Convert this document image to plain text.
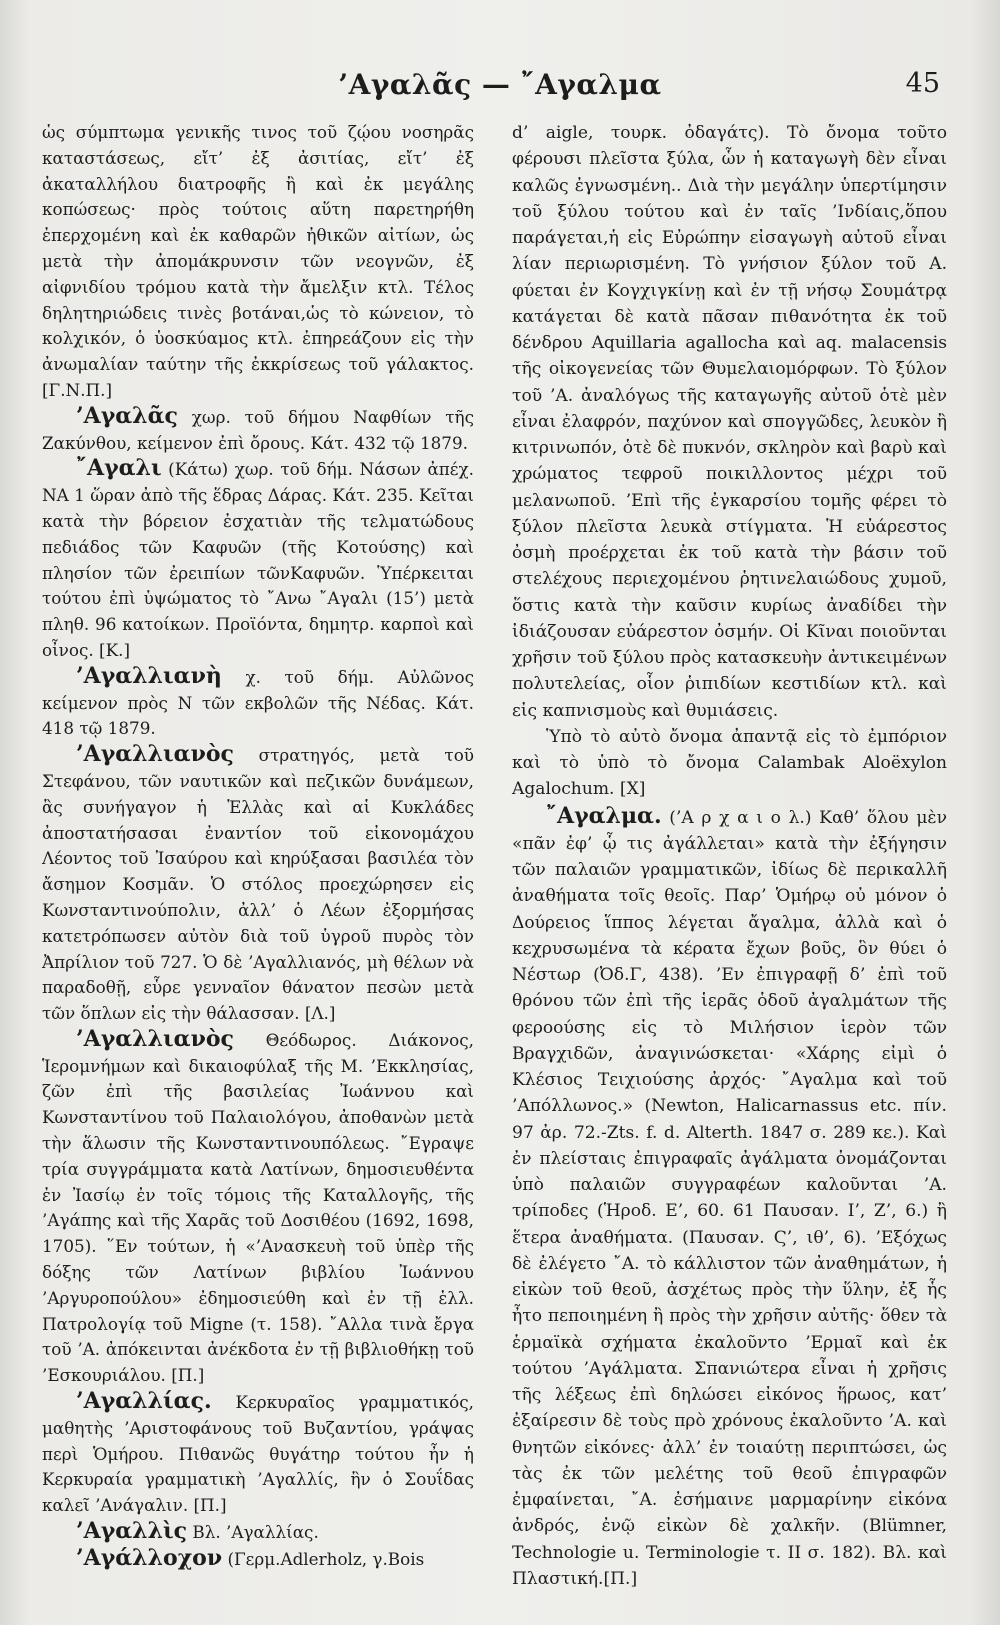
’Αγαλᾶς — ῎Αγαλμα	45

ὡς σύμπτωμα γενικῆς τινος τοῦ ζῴου νοσηρᾶς καταστάσεως, εἴτ’ ἐξ ἀσιτίας, εἴτ’ ἐξ ἀκαταλλήλου διατροφῆς ἢ καὶ ἐκ μεγάλης κοπώσεως· πρὸς τούτοις αὕτη παρετηρήθη ἐπερχομένη καὶ ἐκ καθαρῶν ἠθικῶν αἰτίων, ὡς μετὰ τὴν ἀπομάκρυνσιν τῶν νεογνῶν, ἐξ αἰφνιδίου τρόμου κατὰ τὴν ἄμελξιν κτλ. Τέλος δηλητηριώδεις τινὲς βοτάναι,ὡς τὸ κώνειον, τὸ κολχικόν, ὁ ὑοσκύαμος κτλ. ἐπηρεάζουν εἰς τὴν ἀνωμαλίαν ταύτην τῆς ἐκκρίσεως τοῦ γάλακτος. [Γ.Ν.Π.]

’Αγαλᾶς χωρ. τοῦ δήμου Ναφθίων τῆς Ζακύνθου, κείμενον ἐπὶ ὄρους. Κάτ. 432 τῷ 1879.

῎Αγαλι (Κάτω) χωρ. τοῦ δήμ. Νάσων ἀπέχ. ΝΑ 1 ὥραν ἀπὸ τῆς ἕδρας Δάρας. Κάτ. 235. Κεῖται κατὰ τὴν βόρειον ἐσχατιὰν τῆς τελματώδους πεδιάδος τῶν Καφυῶν (τῆς Κοτούσης) καὶ πλησίον τῶν ἐρειπίων τῶνΚαφυῶν. Ὑπέρκειται τούτου ἐπὶ ὑψώματος τὸ ῎Ανω ῎Αγαλι (15’) μετὰ πληθ. 96 κατοίκων. Προϊόντα, δημητρ. καρποὶ καὶ οἶνος. [Κ.]

’Αγαλλιανὴ χ. τοῦ δήμ. Αὐλῶνος κείμενον πρὸς Ν τῶν εκβολῶν τῆς Νέδας. Κάτ. 418 τῷ 1879.

’Αγαλλιανὸς στρατηγός, μετὰ τοῦ Στεφάνου, τῶν ναυτικῶν καὶ πεζικῶν δυνάμεων, ἃς συνήγαγον ἡ Ἑλλὰς καὶ αἱ Κυκλάδες ἀποστατήσασαι ἐναντίον τοῦ εἰκονομάχου Λέοντος τοῦ Ἰσαύρου καὶ κηρύξασαι βασιλέα τὸν ἄσημον Κοσμᾶν. Ὁ στόλος προεχώρησεν εἰς Κωνσταντινούπολιν, ἀλλ’ ὁ Λέων ἐξορμήσας κατετρόπωσεν αὐτὸν διὰ τοῦ ὑγροῦ πυρὸς τὸν Ἀπρίλιον τοῦ 727. Ὁ δὲ ’Αγαλλιανός, μὴ θέλων νὰ παραδοθῇ, εὗρε γενναῖον θάνατον πεσὼν μετὰ τῶν ὅπλων εἰς τὴν θάλασσαν. [Λ.]

’Αγαλλιανὸς Θεόδωρος. Διάκονος, Ἱερομνήμων καὶ δικαιοφύλαξ τῆς Μ. ’Εκκλησίας, ζῶν ἐπὶ τῆς βασιλείας Ἰωάννου καὶ Κωνσταντίνου τοῦ Παλαιολόγου, ἀποθανὼν μετὰ τὴν ἅλωσιν τῆς Κωνσταντινουπόλεως. ῎Εγραψε τρία συγγράμματα κατὰ Λατίνων, δημοσιευθέντα ἐν Ἰασίῳ ἐν τοῖς τόμοις τῆς Καταλλογῆς, τῆς ’Αγάπης καὶ τῆς Χαρᾶς τοῦ Δοσιθέου (1692, 1698, 1705). ῞Εν τούτων, ἡ «’Ανασκευὴ τοῦ ὑπὲρ τῆς δόξης τῶν Λατίνων βιβλίου Ἰωάννου ’Αργυροπούλου» ἐδημοσιεύθη καὶ ἐν τῇ ἑλλ. Πατρολογίᾳ τοῦ Migne (τ. 158). ῎Αλλα τινὰ ἔργα τοῦ ’Α. ἀπόκεινται ἀνέκδοτα ἐν τῇ βιβλιοθήκῃ τοῦ ’Εσκουριάλου. [Π.]

’Αγαλλίας. Κερκυραῖος γραμματικός, μαθητὴς ’Αριστοφάνους τοῦ Βυζαντίου, γράψας περὶ Ὁμήρου. Πιθανῶς θυγάτηρ τούτου ἦν ἡ Κερκυραία γραμματικὴ ’Αγαλλίς, ἣν ὁ Σουΐδας καλεῖ ’Ανάγαλιν. [Π.]

’Αγαλλὶς Βλ. ’Αγαλλίας.

’Αγάλλοχον (Γερμ.Adlerholz, γ.Bois

d’ aigle, τουρκ. ὀδαγάτς). Τὸ ὄνομα τοῦτο φέρουσι πλεῖστα ξύλα, ὧν ἡ καταγωγὴ δὲν εἶναι καλῶς ἐγνωσμένη.. Διὰ τὴν μεγάλην ὑπερτίμησιν τοῦ ξύλου τούτου καὶ ἐν ταῖς ’Ινδίαις,ὅπου παράγεται,ἡ εἰς Εὐρώπην εἰσαγωγὴ αὐτοῦ εἶναι λίαν περιωρισμένη. Τὸ γνήσιον ξύλον τοῦ Α. φύεται ἐν Κογχιγκίνῃ καὶ ἐν τῇ νήσῳ Σουμάτρᾳ κατάγεται δὲ κατὰ πᾶσαν πιθανότητα ἐκ τοῦ δένδρου Aquillaria agallocha καὶ aq. malacensis τῆς οἰκογενείας τῶν Θυμελαιομόρφων. Τὸ ξύλον τοῦ ’Α. ἀναλόγως τῆς καταγωγῆς αὐτοῦ ὁτὲ μὲν εἶναι ἐλαφρόν, παχύνον καὶ σπογγῶδες, λευκὸν ἢ κιτρινωπόν, ὁτὲ δὲ πυκνόν, σκληρὸν καὶ βαρὺ καὶ χρώματος τεφροῦ ποικιλλοντος μέχρι τοῦ μελανωποῦ. ’Επὶ τῆς ἐγκαρσίου τομῆς φέρει τὸ ξύλον πλεῖστα λευκὰ στίγματα. Ἡ εὐάρεστος ὀσμὴ προέρχεται ἐκ τοῦ κατὰ τὴν βάσιν τοῦ στελέχους περιεχομένου ῥητινελαιώδους χυμοῦ, ὅστις κατὰ τὴν καῦσιν κυρίως ἀναδίδει τὴν ἰδιάζουσαν εὐάρεστον ὀσμήν. Οἱ Κῖναι ποιοῦνται χρῆσιν τοῦ ξύλου πρὸς κατασκευὴν ἀντικειμένων πολυτελείας, οἷον ῥιπιδίων κεστιδίων κτλ. καὶ εἰς καπνισμοὺς καὶ θυμιάσεις.

Ὑπὸ τὸ αὐτὸ ὄνομα ἀπαντᾷ εἰς τὸ ἐμπόριον καὶ τὸ ὑπὸ τὸ ὄνομα Calambak Aloëxylon Agalochum. [Χ]

῎Αγαλμα. (’Α ρ χ α ι ο λ.) Καθ’ ὅλου μὲν «πᾶν ἐφ’ ᾧ τις ἀγάλλεται» κατὰ τὴν ἐξήγησιν τῶν παλαιῶν γραμματικῶν, ἰδίως δὲ περικαλλῆ ἀναθήματα τοῖς θεοῖς. Παρ’ Ὁμήρῳ οὐ μόνον ὁ Δούρειος ἵππος λέγεται ἄγαλμα, ἀλλὰ καὶ ὁ κεχρυσωμένα τὰ κέρατα ἔχων βοῦς, ὃν θύει ὁ Νέστωρ (Ὀδ.Γ, 438). ’Εν ἐπιγραφῇ δ’ ἐπὶ τοῦ θρόνου τῶν ἐπὶ τῆς ἱερᾶς ὁδοῦ ἀγαλμάτων τῆς φεροούσης εἰς τὸ Μιλήσιον ἱερὸν τῶν Βραγχιδῶν, ἀναγινώσκεται· «Χάρης εἰμὶ ὁ Κλέσιος Τειχιούσης ἀρχός· ῎Αγαλμα καὶ τοῦ ’Απόλλωνος.» (Newton, Halicarnassus etc. πίν. 97 ἀρ. 72.-Zts. f. d. Alterth. 1847 σ. 289 κε.). Καὶ ἐν πλείσταις ἐπιγραφαῖς ἀγάλματα ὀνομάζονται ὑπὸ παλαιῶν συγγραφέων καλοῦνται ’Α. τρίποδες (Ἡροδ. Ε’, 60. 61 Παυσαν. Ι’, Ζ’, 6.) ἢ ἕτερα ἀναθήματα. (Παυσαν. Ϛ’, ιθ’, 6). ’Εξόχως δὲ ἐλέγετο ῎Α. τὸ κάλλιστον τῶν ἀναθημάτων, ἡ εἰκὼν τοῦ θεοῦ, ἀσχέτως πρὸς τὴν ὕλην, ἐξ ἧς ἦτο πεποιημένη ἢ πρὸς τὴν χρῆσιν αὐτῆς· ὅθεν τὰ ἑρμαϊκὰ σχήματα ἐκαλοῦντο ’Ερμαῖ καὶ ἐκ τούτου ’Αγάλματα. Σπανιώτερα εἶναι ἡ χρῆσις τῆς λέξεως ἐπὶ δηλώσει εἰκόνος ἥρωος, κατ’ ἐξαίρεσιν δὲ τοὺς πρὸ χρόνους ἐκαλοῦντο ’Α. καὶ θνητῶν εἰκόνες· ἀλλ’ ἐν τοιαύτῃ περιπτώσει, ὡς τὰς ἐκ τῶν μελέτης τοῦ θεοῦ ἐπιγραφῶν ἐμφαίνεται, ῎Α. ἐσήμαινε μαρμαρίνην εἰκόνα ἀνδρός, ἐνῷ εἰκὼν δὲ χαλκῆν. (Blümner, Technologie u. Terminologie τ. ΙΙ σ. 182). Βλ. καὶ Πλαστική.[Π.]
